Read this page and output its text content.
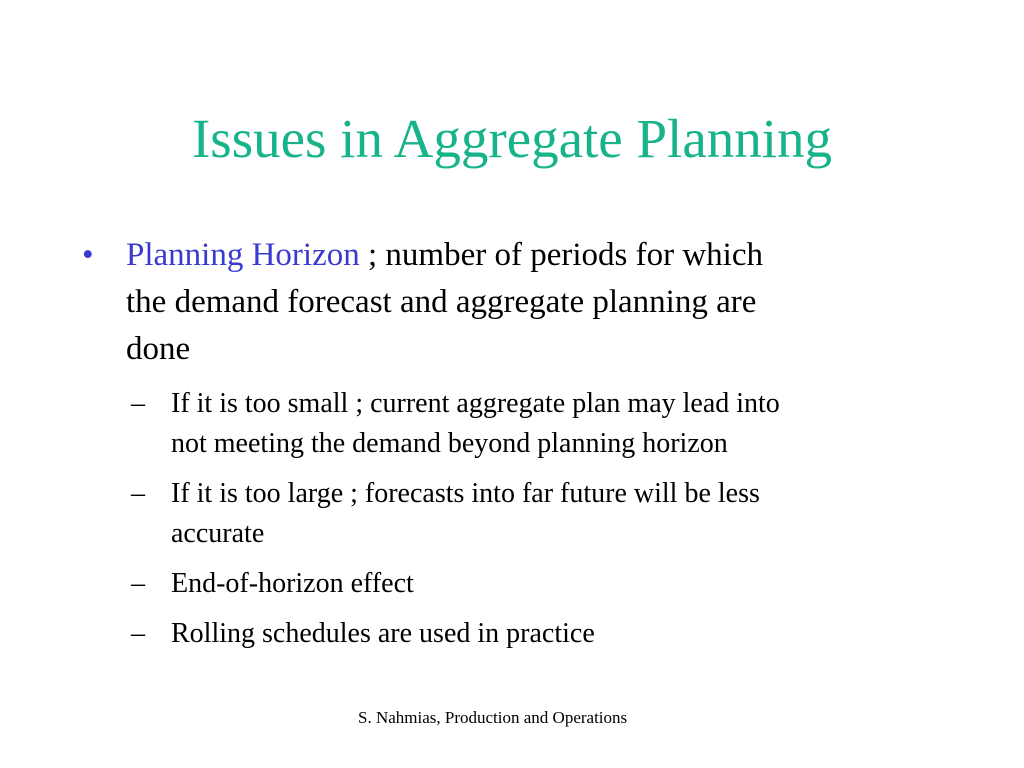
Issues in Aggregate Planning
• Planning Horizon ; number of periods for which
the demand forecast and aggregate planning are
done
– If it is too small ; current aggregate plan may lead into
not meeting the demand beyond planning horizon
– If it is too large ; forecasts into far future will be less
accurate
– End-of-horizon effect
– Rolling schedules are used in practice
S. Nahmias, Production and Operations
